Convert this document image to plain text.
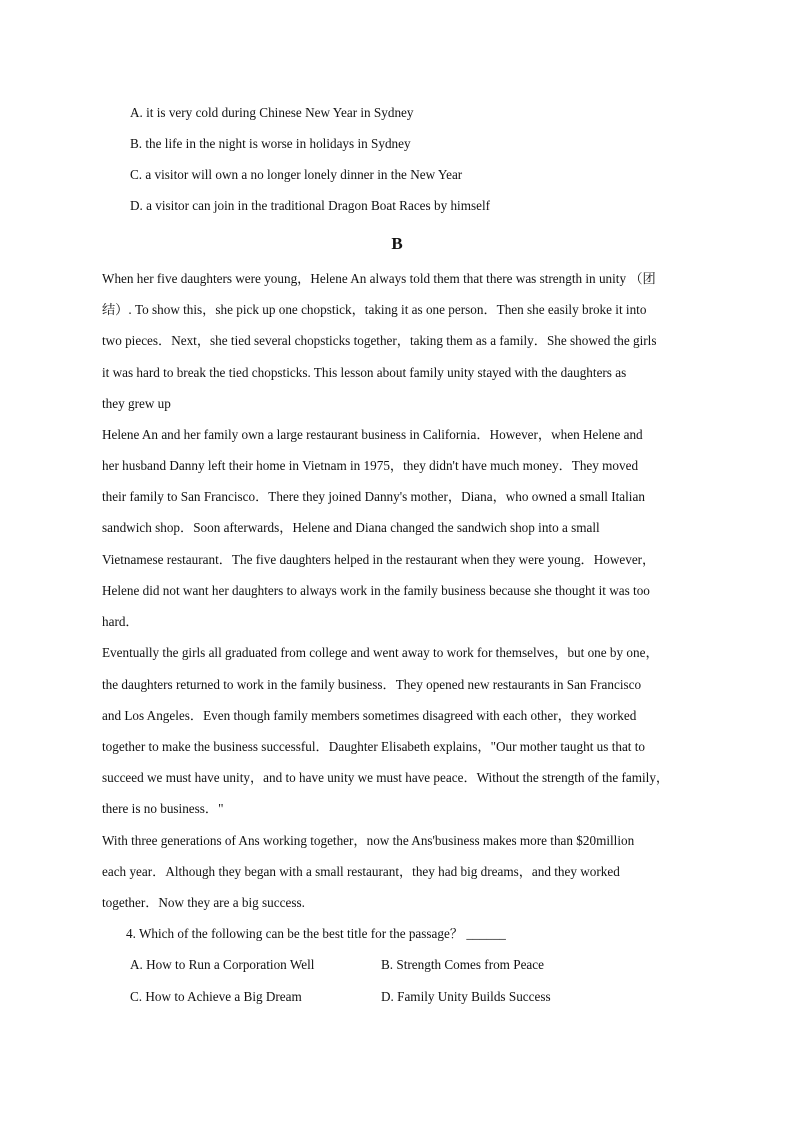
A. it is very cold during Chinese New Year in Sydney
B. the life in the night is worse in holidays in Sydney
C. a visitor will own a no longer lonely dinner in the New Year
D. a visitor can join in the traditional Dragon Boat Races by himself
B
When her five daughters were young，Helene An always told them that there was strength in unity （团
结）. To show this，she pick up one chopstick，taking it as one person．Then she easily broke it into
two pieces．Next，she tied several chopsticks together，taking them as a family．She showed the girls
it was hard to break the tied chopsticks. This lesson about family unity stayed with the daughters as
they grew up
Helene An and her family own a large restaurant business in California．However，when Helene and
her husband Danny left their home in Vietnam in 1975，they didn't have much money．They moved
their family to San Francisco．There they joined Danny's mother，Diana，who owned a small Italian
sandwich shop．Soon afterwards，Helene and Diana changed the sandwich shop into a small
Vietnamese restaurant．The five daughters helped in the restaurant when they were young．However，
Helene did not want her daughters to always work in the family business because she thought it was too
hard．
Eventually the girls all graduated from college and went away to work for themselves，but one by one，
the daughters returned to work in the family business．They opened new restaurants in San Francisco
and Los Angeles．Even though family members sometimes disagreed with each other，they worked
together to make the business successful．Daughter Elisabeth explains，"Our mother taught us that to
succeed we must have unity，and to have unity we must have peace．Without the strength of the family，
there is no business．"
With three generations of Ans working together，now the Ans'business makes more than $20million
each year．Although they began with a small restaurant，they had big dreams，and they worked
together．Now they are a big success.
4. Which of the following can be the best title for the passage？ ______
A. How to Run a Corporation Well	B. Strength Comes from Peace
C. How to Achieve a Big Dream	D. Family Unity Builds Success
